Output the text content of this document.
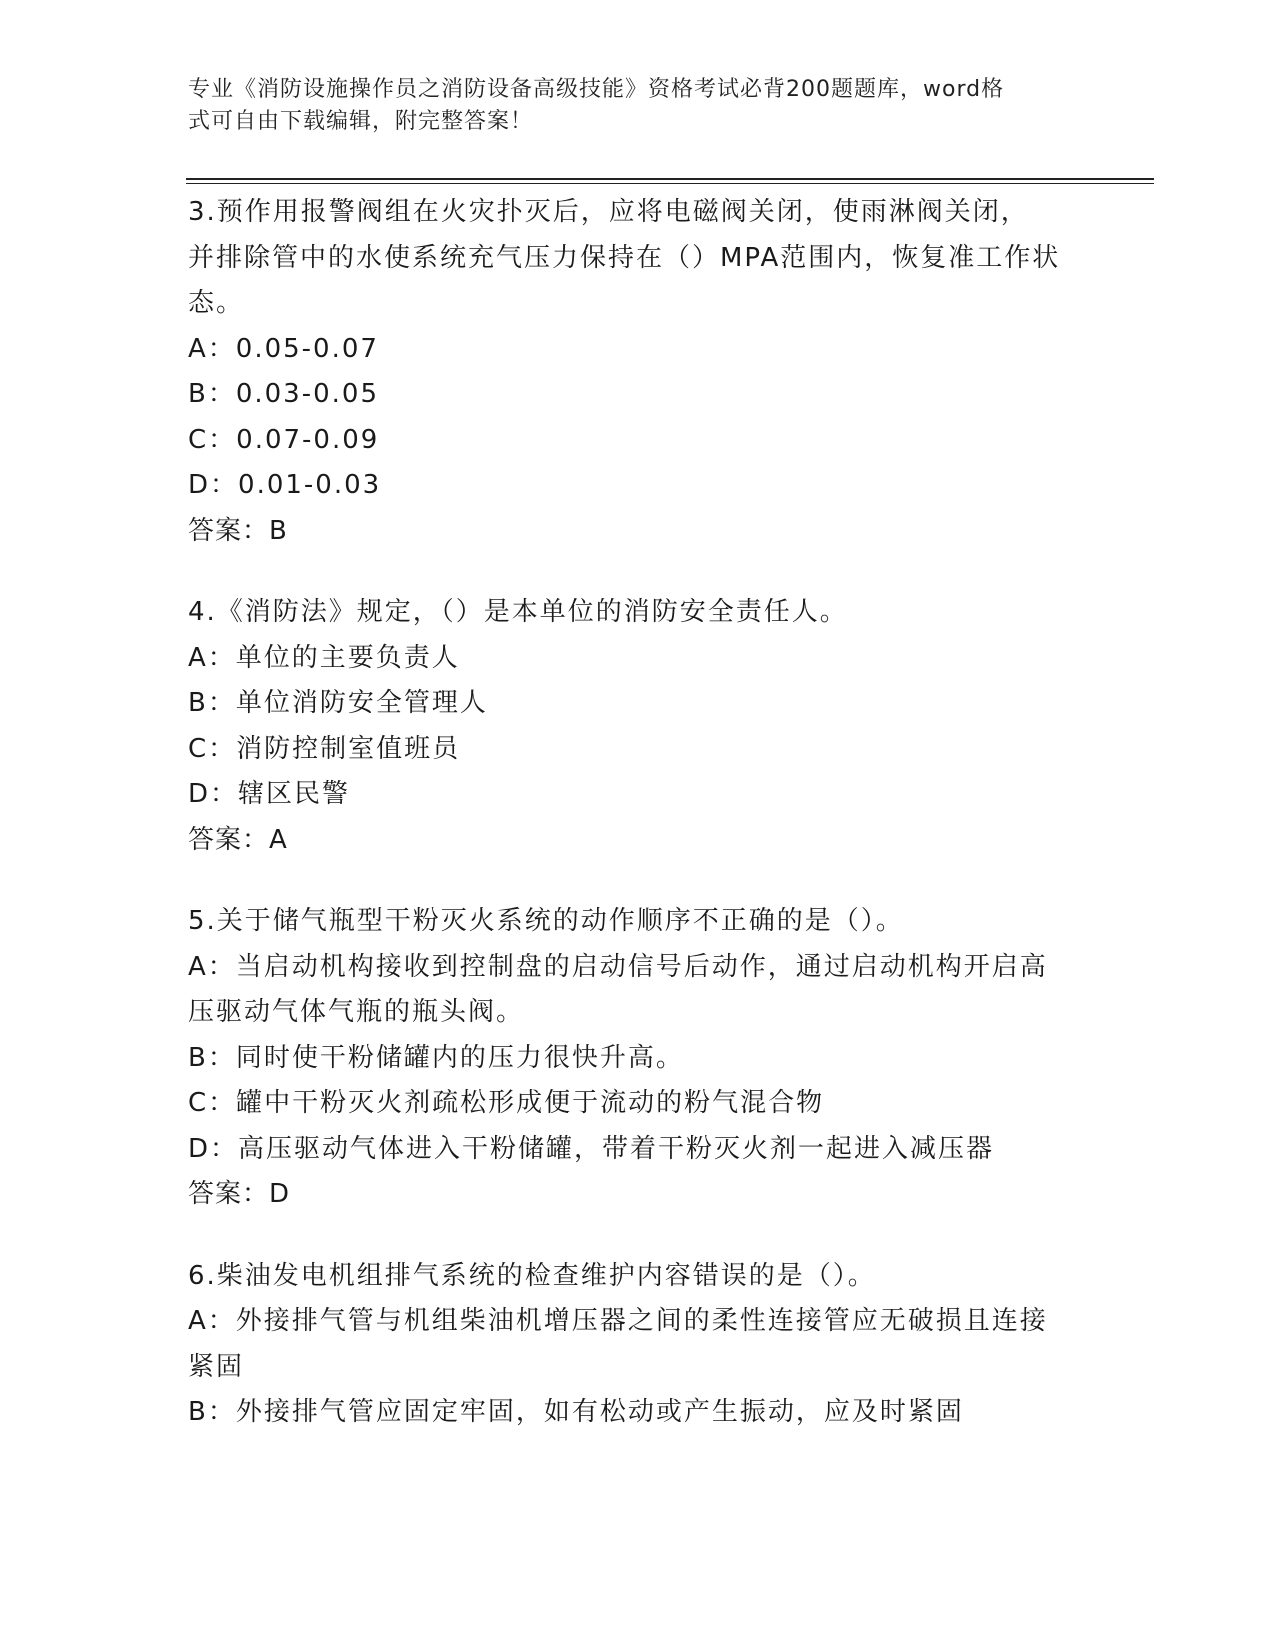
专业《消防设施操作员之消防设备高级技能》资格考试必背200题题库，word格
式可自由下载编辑，附完整答案！

3.预作用报警阀组在火灾扑灭后，应将电磁阀关闭，使雨淋阀关闭，

并排除管中的水使系统充气压力保持在（）MPA范围内，恢复准工作状

态。

A：0.05-0.07

B：0.03-0.05

C：0.07-0.09

D：0.01-0.03

答案：B

4.《消防法》规定，（）是本单位的消防安全责任人。

A：单位的主要负责人

B：单位消防安全管理人

C：消防控制室值班员

D：辖区民警

答案：A

5.关于储气瓶型干粉灭火系统的动作顺序不正确的是（）。

A：当启动机构接收到控制盘的启动信号后动作，通过启动机构开启高

压驱动气体气瓶的瓶头阀。

B：同时使干粉储罐内的压力很快升高。

C：罐中干粉灭火剂疏松形成便于流动的粉气混合物

D：高压驱动气体进入干粉储罐，带着干粉灭火剂一起进入减压器

答案：D

6.柴油发电机组排气系统的检查维护内容错误的是（）。

A：外接排气管与机组柴油机增压器之间的柔性连接管应无破损且连接

紧固

B：外接排气管应固定牢固，如有松动或产生振动，应及时紧固
